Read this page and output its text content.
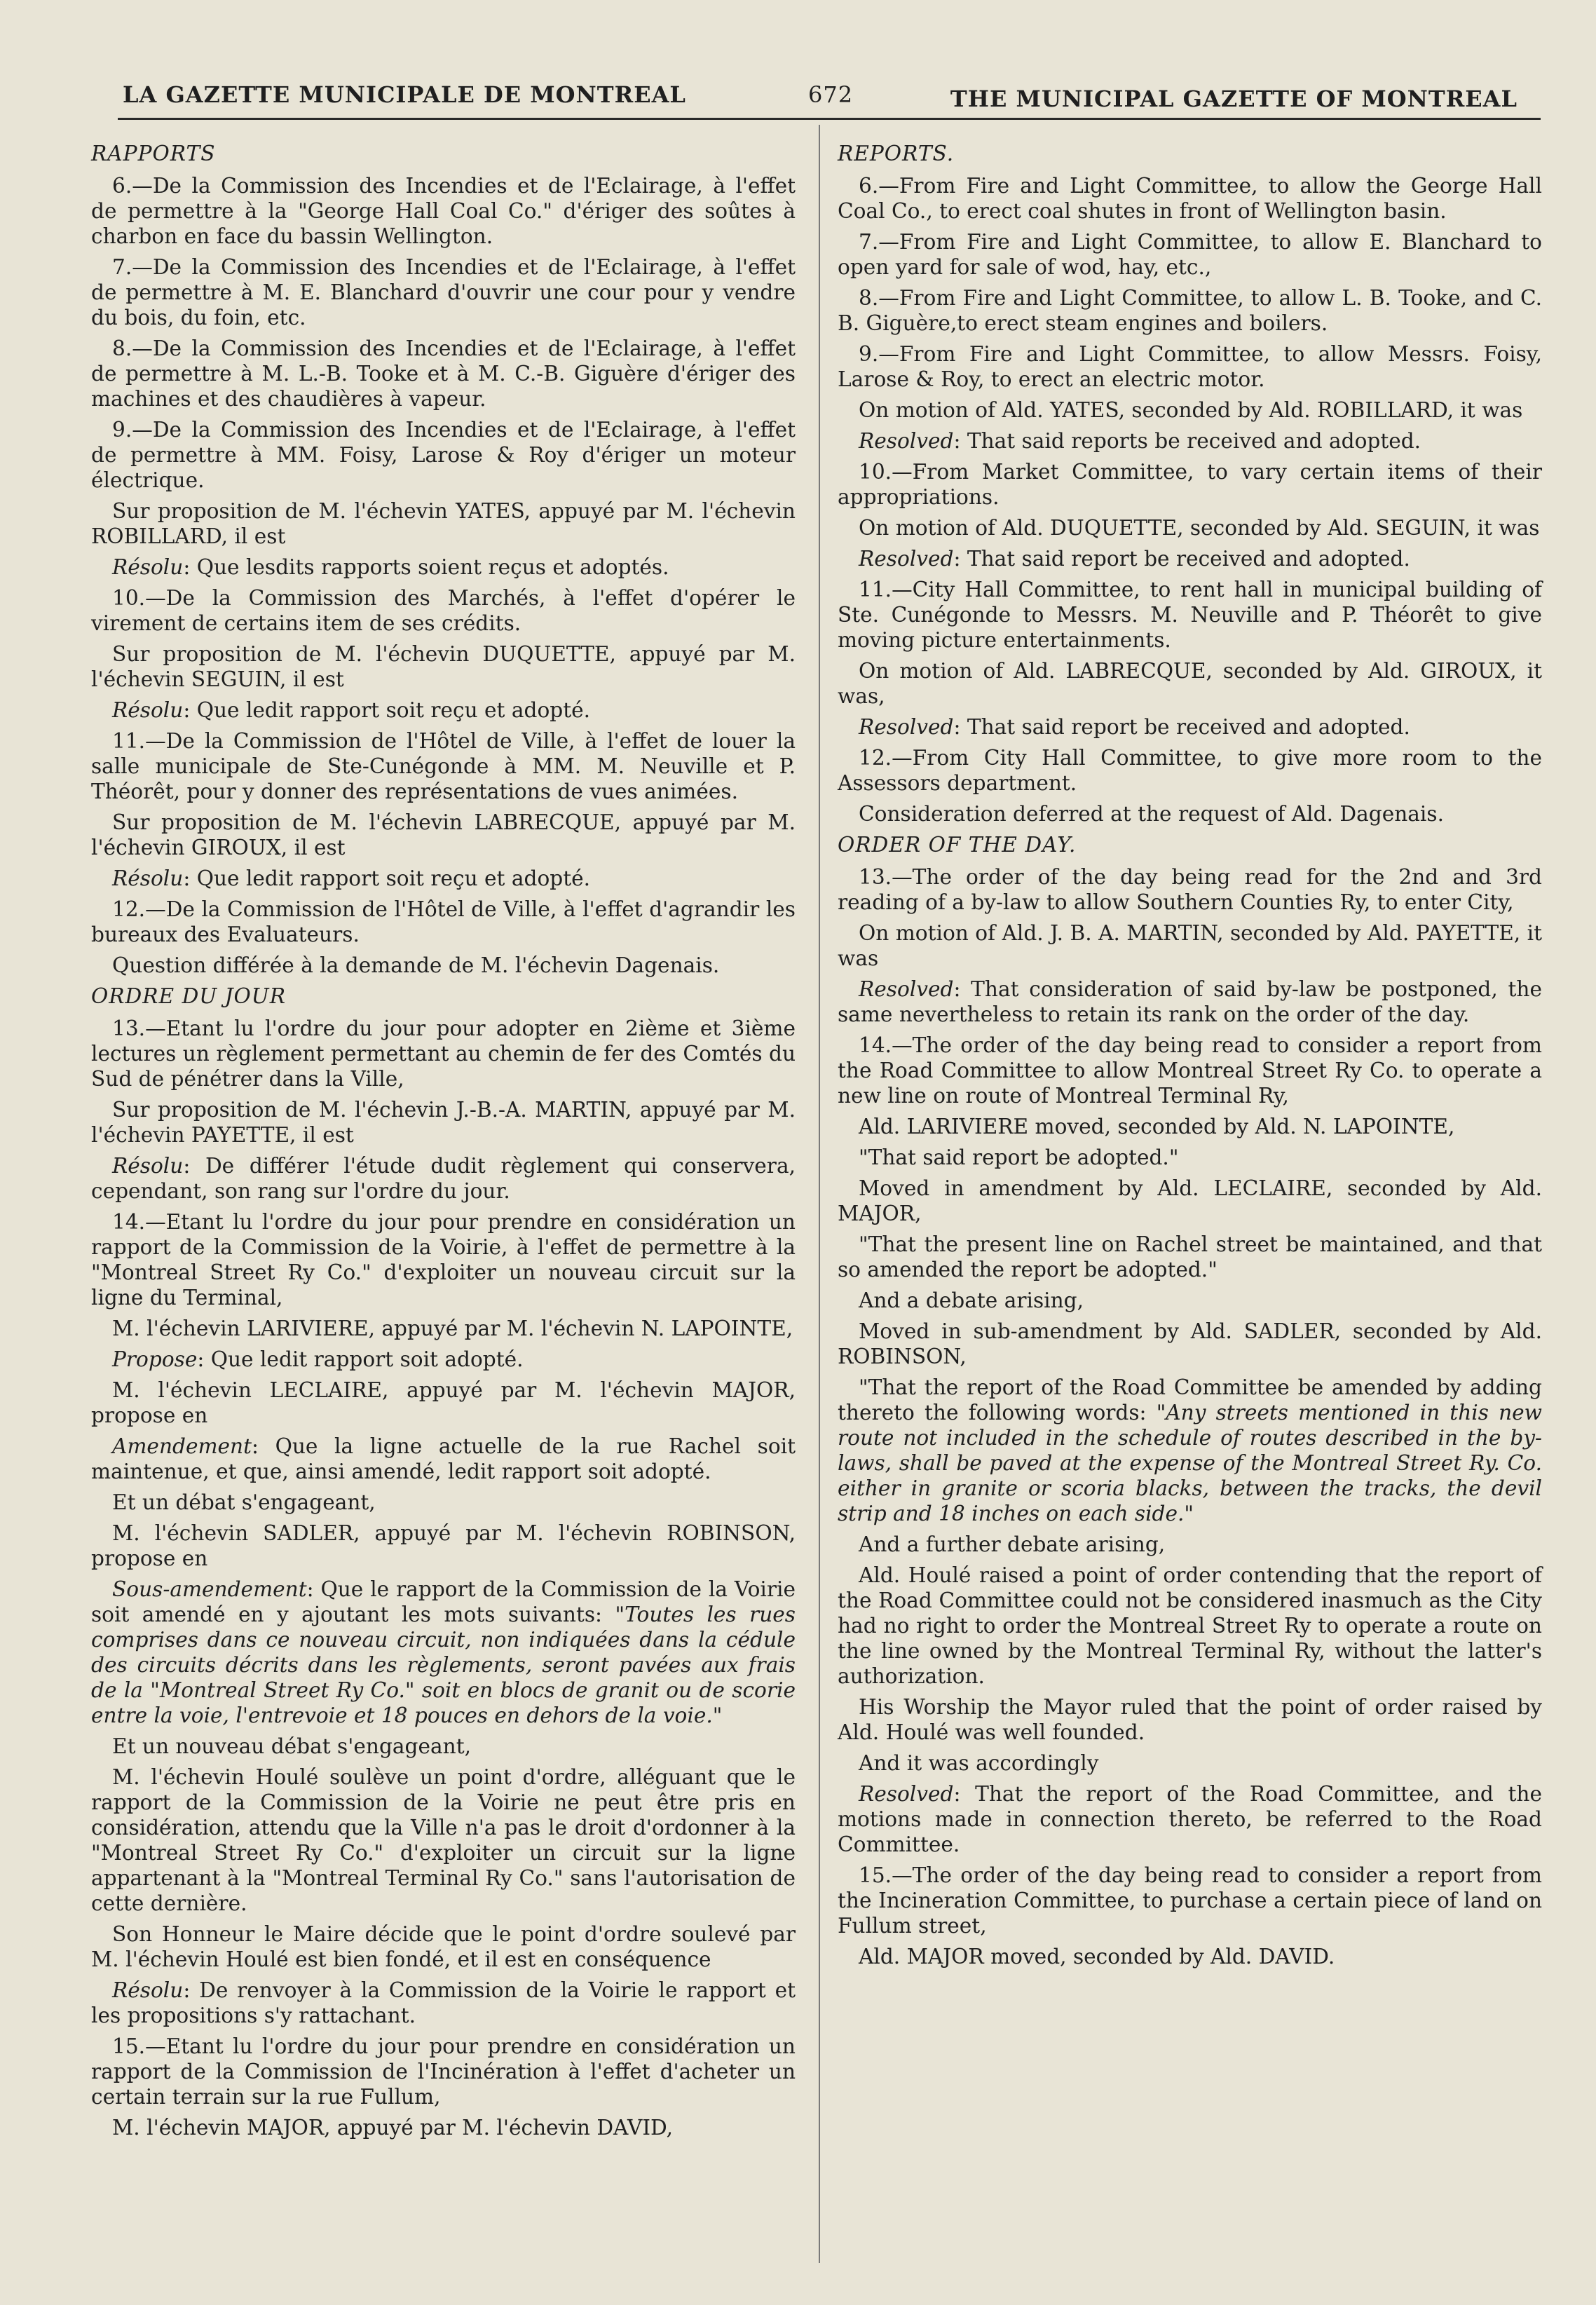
LA GAZETTE MUNICIPALE DE MONTREAL	672	THE MUNICIPAL GAZETTE OF MONTREAL

RAPPORTS

6.—De la Commission des Incendies et de l'Eclairage, à l'effet de permettre à la "George Hall Coal Co." d'ériger des soûtes à charbon en face du bassin Wellington.

7.—De la Commission des Incendies et de l'Eclairage, à l'effet de permettre à M. E. Blanchard d'ouvrir une cour pour y vendre du bois, du foin, etc.

8.—De la Commission des Incendies et de l'Eclairage, à l'effet de permettre à M. L.-B. Tooke et à M. C.-B. Giguère d'ériger des machines et des chaudières à vapeur.

9.—De la Commission des Incendies et de l'Eclairage, à l'effet de permettre à MM. Foisy, Larose & Roy d'ériger un moteur électrique.

Sur proposition de M. l'échevin YATES, appuyé par M. l'échevin ROBILLARD, il est

Résolu: Que lesdits rapports soient reçus et adoptés.

10.—De la Commission des Marchés, à l'effet d'opérer le virement de certains item de ses crédits.

Sur proposition de M. l'échevin DUQUETTE, appuyé par M. l'échevin SEGUIN, il est

Résolu: Que ledit rapport soit reçu et adopté.

11.—De la Commission de l'Hôtel de Ville, à l'effet de louer la salle municipale de Ste-Cunégonde à MM. M. Neuville et P. Théorêt, pour y donner des représentations de vues animées.

Sur proposition de M. l'échevin LABRECQUE, appuyé par M. l'échevin GIROUX, il est

Résolu: Que ledit rapport soit reçu et adopté.

12.—De la Commission de l'Hôtel de Ville, à l'effet d'agrandir les bureaux des Evaluateurs.

Question différée à la demande de M. l'échevin Dagenais.

ORDRE DU JOUR

13.—Etant lu l'ordre du jour pour adopter en 2ième et 3ième lectures un règlement permettant au chemin de fer des Comtés du Sud de pénétrer dans la Ville,

Sur proposition de M. l'échevin J.-B.-A. MARTIN, appuyé par M. l'échevin PAYETTE, il est

Résolu: De différer l'étude dudit règlement qui conservera, cependant, son rang sur l'ordre du jour.

14.—Etant lu l'ordre du jour pour prendre en considération un rapport de la Commission de la Voirie, à l'effet de permettre à la "Montreal Street Ry Co." d'exploiter un nouveau circuit sur la ligne du Terminal,

M. l'échevin LARIVIERE, appuyé par M. l'échevin N. LAPOINTE,

Propose: Que ledit rapport soit adopté.

M. l'échevin LECLAIRE, appuyé par M. l'échevin MAJOR, propose en

Amendement: Que la ligne actuelle de la rue Rachel soit maintenue, et que, ainsi amendé, ledit rapport soit adopté.

Et un débat s'engageant,

M. l'échevin SADLER, appuyé par M. l'échevin ROBINSON, propose en

Sous-amendement: Que le rapport de la Commission de la Voirie soit amendé en y ajoutant les mots suivants: "Toutes les rues comprises dans ce nouveau circuit, non indiquées dans la cédule des circuits décrits dans les règlements, seront pavées aux frais de la "Montreal Street Ry Co." soit en blocs de granit ou de scorie entre la voie, l'entrevoie et 18 pouces en dehors de la voie."

Et un nouveau débat s'engageant,

M. l'échevin Houlé soulève un point d'ordre, alléguant que le rapport de la Commission de la Voirie ne peut être pris en considération, attendu que la Ville n'a pas le droit d'ordonner à la "Montreal Street Ry Co." d'exploiter un circuit sur la ligne appartenant à la "Montreal Terminal Ry Co." sans l'autorisation de cette dernière.

Son Honneur le Maire décide que le point d'ordre soulevé par M. l'échevin Houlé est bien fondé, et il est en conséquence

Résolu: De renvoyer à la Commission de la Voirie le rapport et les propositions s'y rattachant.

15.—Etant lu l'ordre du jour pour prendre en considération un rapport de la Commission de l'Incinération à l'effet d'acheter un certain terrain sur la rue Fullum,

M. l'échevin MAJOR, appuyé par M. l'échevin DAVID,

REPORTS.

6.—From Fire and Light Committee, to allow the George Hall Coal Co., to erect coal shutes in front of Wellington basin.

7.—From Fire and Light Committee, to allow E. Blanchard to open yard for sale of wod, hay, etc.,

8.—From Fire and Light Committee, to allow L. B. Tooke, and C. B. Giguère,to erect steam engines and boilers.

9.—From Fire and Light Committee, to allow Messrs. Foisy, Larose & Roy, to erect an electric motor.

On motion of Ald. YATES, seconded by Ald. ROBILLARD, it was

Resolved: That said reports be received and adopted.

10.—From Market Committee, to vary certain items of their appropriations.

On motion of Ald. DUQUETTE, seconded by Ald. SEGUIN, it was

Resolved: That said report be received and adopted.

11.—City Hall Committee, to rent hall in municipal building of Ste. Cunégonde to Messrs. M. Neuville and P. Théorêt to give moving picture entertainments.

On motion of Ald. LABRECQUE, seconded by Ald. GIROUX, it was,

Resolved: That said report be received and adopted.

12.—From City Hall Committee, to give more room to the Assessors department.

Consideration deferred at the request of Ald. Dagenais.

ORDER OF THE DAY.

13.—The order of the day being read for the 2nd and 3rd reading of a by-law to allow Southern Counties Ry, to enter City,

On motion of Ald. J. B. A. MARTIN, seconded by Ald. PAYETTE, it was

Resolved: That consideration of said by-law be postponed, the same nevertheless to retain its rank on the order of the day.

14.—The order of the day being read to consider a report from the Road Committee to allow Montreal Street Ry Co. to operate a new line on route of Montreal Terminal Ry,

Ald. LARIVIERE moved, seconded by Ald. N. LAPOINTE,

"That said report be adopted."

Moved in amendment by Ald. LECLAIRE, seconded by Ald. MAJOR,

"That the present line on Rachel street be maintained, and that so amended the report be adopted."

And a debate arising,

Moved in sub-amendment by Ald. SADLER, seconded by Ald. ROBINSON,

"That the report of the Road Committee be amended by adding thereto the following words: "Any streets mentioned in this new route not included in the schedule of routes described in the by-laws, shall be paved at the expense of the Montreal Street Ry. Co. either in granite or scoria blacks, between the tracks, the devil strip and 18 inches on each side."

And a further debate arising,

Ald. Houlé raised a point of order contending that the report of the Road Committee could not be considered inasmuch as the City had no right to order the Montreal Street Ry to operate a route on the line owned by the Montreal Terminal Ry, without the latter's authorization.

His Worship the Mayor ruled that the point of order raised by Ald. Houlé was well founded.

And it was accordingly

Resolved: That the report of the Road Committee, and the motions made in connection thereto, be referred to the Road Committee.

15.—The order of the day being read to consider a report from the Incineration Committee, to purchase a certain piece of land on Fullum street,

Ald. MAJOR moved, seconded by Ald. DAVID.
